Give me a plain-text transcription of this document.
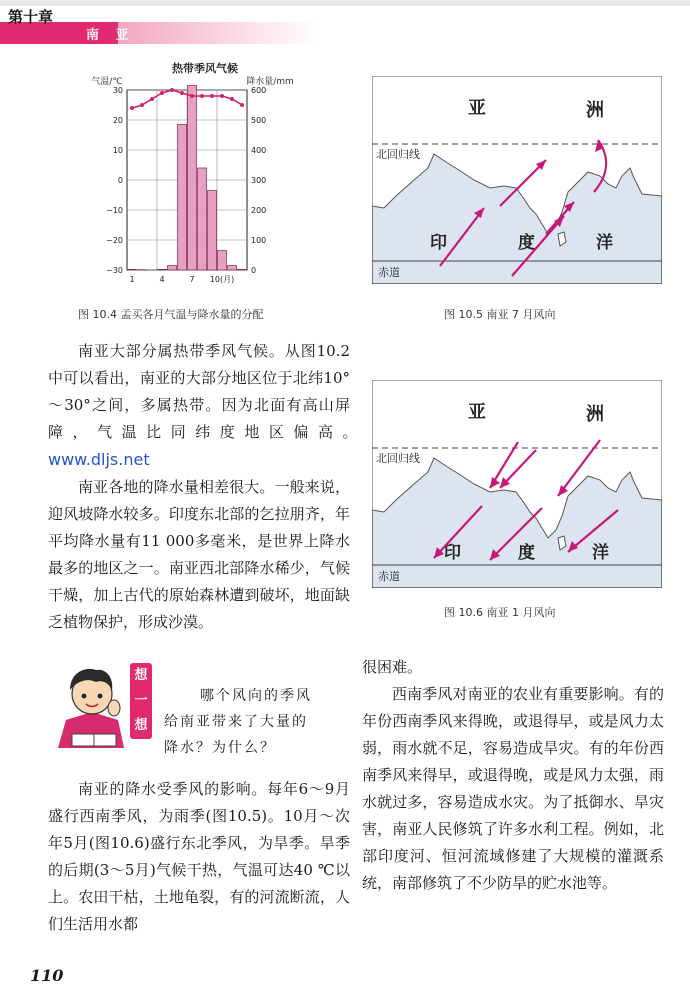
第十章
南 亚
热带季风气候
气温/℃	降水量/mm
30	600
20	500
10	400
0	300
−10	200
−20	100
−30	0
1	4	7 10(月)
图 10.4 孟买各月气温与降水量的分配
亚	洲
北回归线
印	度	洋
赤道
图 10.5 南亚 7 月风向
亚	洲
北回归线
印	度	洋
赤道
图 10.6 南亚 1 月风向

南亚大部分属热带季风气候。从图10.2中可以看出，南亚的大部分地区位于北纬10°～30°之间，多属热带。因为北面有高山屏障，气温比同纬度地区偏高。　www.dljs.net

南亚各地的降水量相差很大。一般来说，迎风坡降水较多。印度东北部的乞拉朋齐，年平均降水量有11 000多毫米，是世界上降水最多的地区之一。南亚西北部降水稀少，气候干燥，加上古代的原始森林遭到破坏，地面缺乏植物保护，形成沙漠。

想
一
想
哪个风向的季风
给南亚带来了大量的
降水？为什么？

南亚的降水受季风的影响。每年6～9月盛行西南季风，为雨季(图10.5)。10月～次年5月(图10.6)盛行东北季风，为旱季。旱季的后期(3～5月)气候干热，气温可达40 ℃以上。农田干枯，土地龟裂，有的河流断流，人们生活用水都

很困难。

西南季风对南亚的农业有重要影响。有的年份西南季风来得晚，或退得早，或是风力太弱，雨水就不足，容易造成旱灾。有的年份西南季风来得早，或退得晚，或是风力太强，雨水就过多，容易造成水灾。为了抵御水、旱灾害，南亚人民修筑了许多水利工程。例如，北部印度河、恒河流域修建了大规模的灌溉系统，南部修筑了不少防旱的贮水池等。

110
